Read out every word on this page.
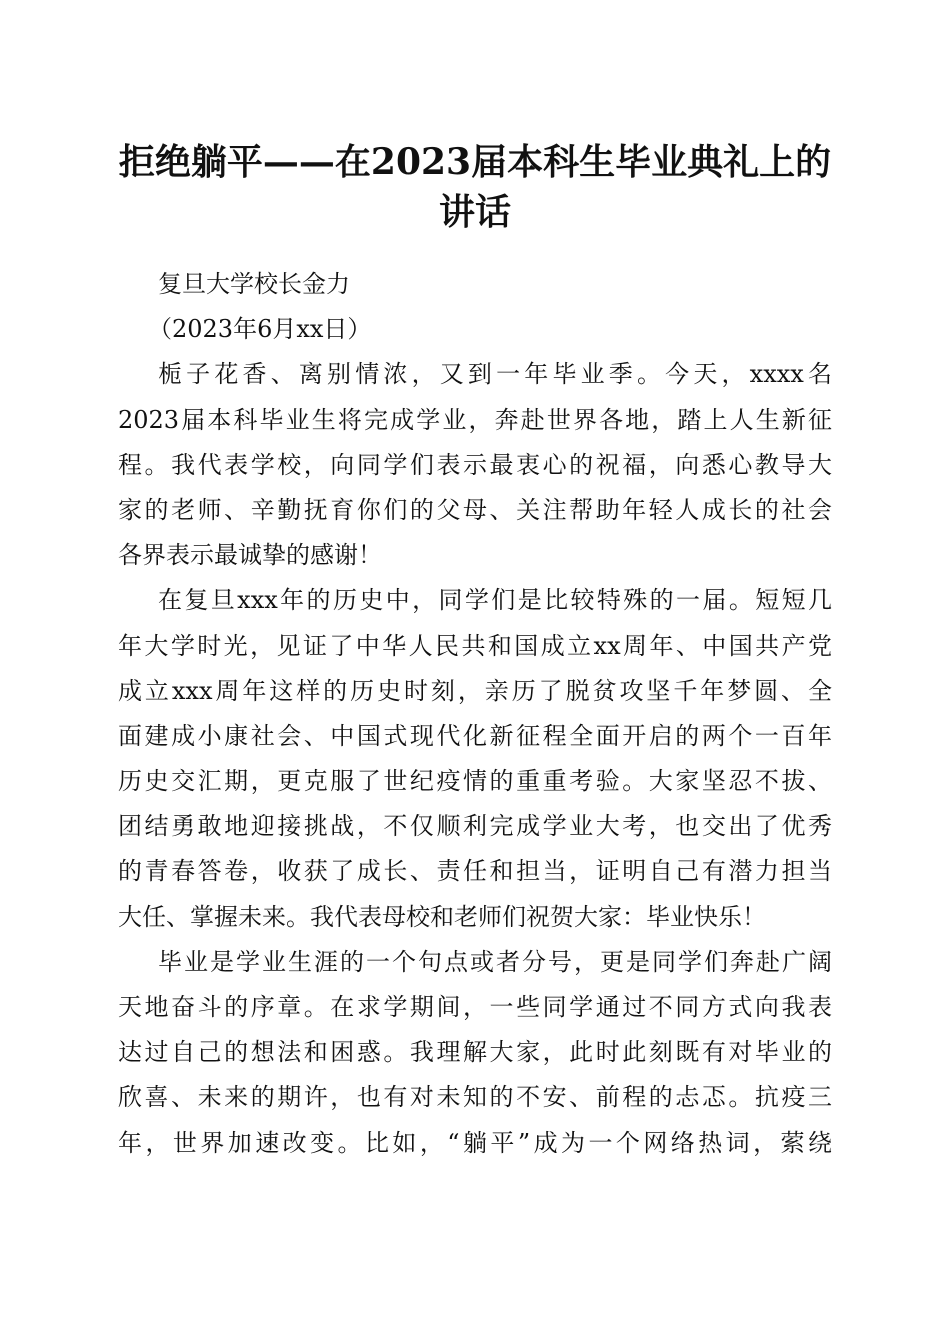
拒绝躺平——在2023届本科生毕业典礼上的
讲话

复旦大学校长金力

（2023年6月xx日）

栀子花香、离别情浓，又到一年毕业季。今天，xxxx名

2023届本科毕业生将完成学业，奔赴世界各地，踏上人生新征

程。我代表学校，向同学们表示最衷心的祝福，向悉心教导大

家的老师、辛勤抚育你们的父母、关注帮助年轻人成长的社会

各界表示最诚挚的感谢！

在复旦xxx年的历史中，同学们是比较特殊的一届。短短几

年大学时光，见证了中华人民共和国成立xx周年、中国共产党

成立xxx周年这样的历史时刻，亲历了脱贫攻坚千年梦圆、全

面建成小康社会、中国式现代化新征程全面开启的两个一百年

历史交汇期，更克服了世纪疫情的重重考验。大家坚忍不拔、

团结勇敢地迎接挑战，不仅顺利完成学业大考，也交出了优秀

的青春答卷，收获了成长、责任和担当，证明自己有潜力担当

大任、掌握未来。我代表母校和老师们祝贺大家：毕业快乐！

毕业是学业生涯的一个句点或者分号，更是同学们奔赴广阔

天地奋斗的序章。在求学期间，一些同学通过不同方式向我表

达过自己的想法和困惑。我理解大家，此时此刻既有对毕业的

欣喜、未来的期许，也有对未知的不安、前程的忐忑。抗疫三

年，世界加速改变。比如，“躺平”成为一个网络热词，萦绕
